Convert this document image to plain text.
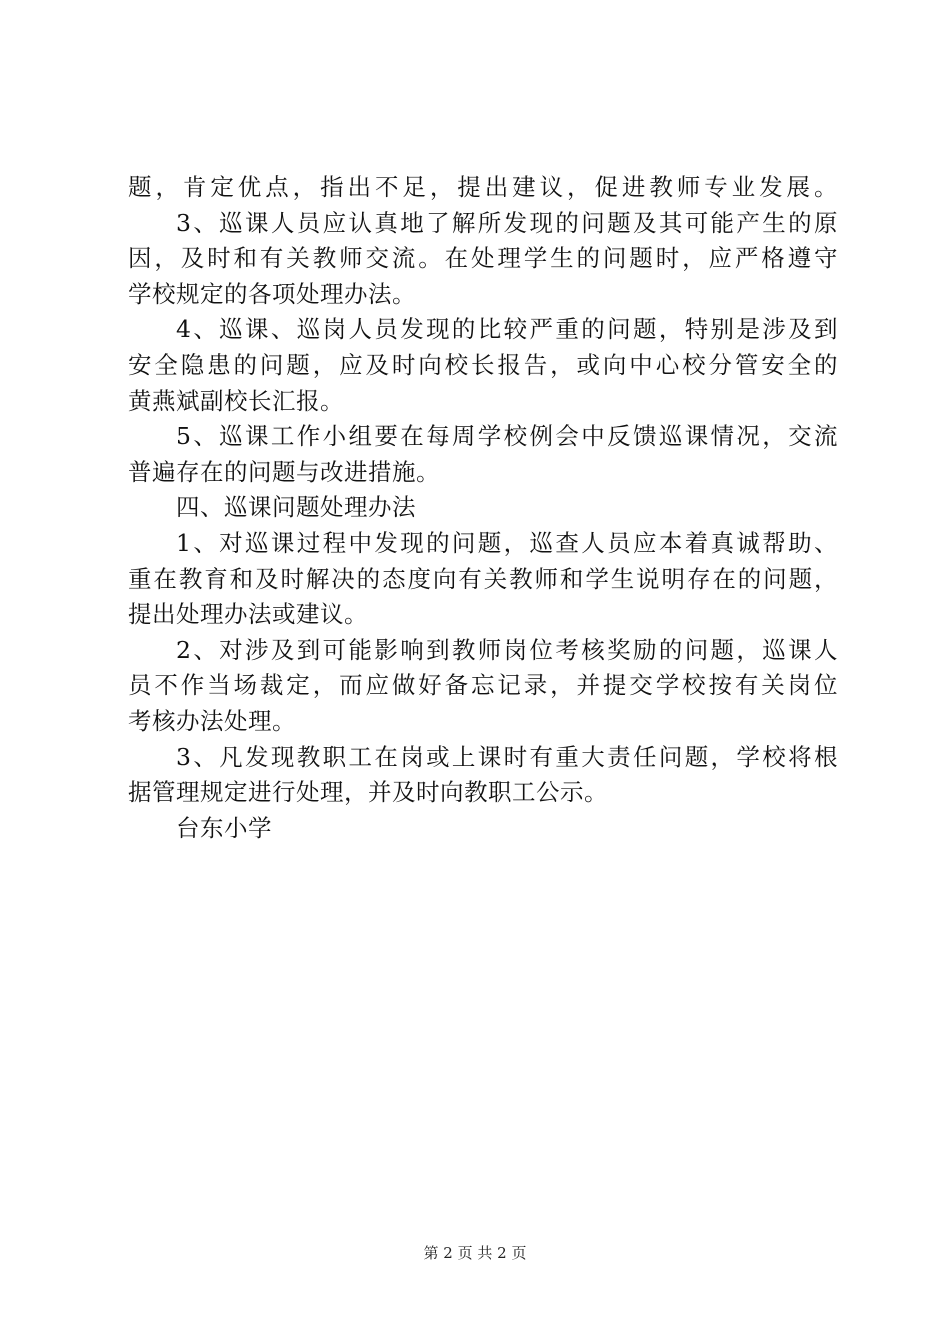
题，肯定优点，指出不足，提出建议，促进教师专业发展。
3、巡课人员应认真地了解所发现的问题及其可能产生的原
因，及时和有关教师交流。在处理学生的问题时，应严格遵守
学校规定的各项处理办法。
4、巡课、巡岗人员发现的比较严重的问题，特别是涉及到
安全隐患的问题，应及时向校长报告，或向中心校分管安全的
黄燕斌副校长汇报。
5、巡课工作小组要在每周学校例会中反馈巡课情况，交流
普遍存在的问题与改进措施。
四、巡课问题处理办法
1、对巡课过程中发现的问题，巡查人员应本着真诚帮助、
重在教育和及时解决的态度向有关教师和学生说明存在的问题，
提出处理办法或建议。
2、对涉及到可能影响到教师岗位考核奖励的问题，巡课人
员不作当场裁定，而应做好备忘记录，并提交学校按有关岗位
考核办法处理。
3、凡发现教职工在岗或上课时有重大责任问题，学校将根
据管理规定进行处理，并及时向教职工公示。
台东小学
第 2 页 共 2 页
